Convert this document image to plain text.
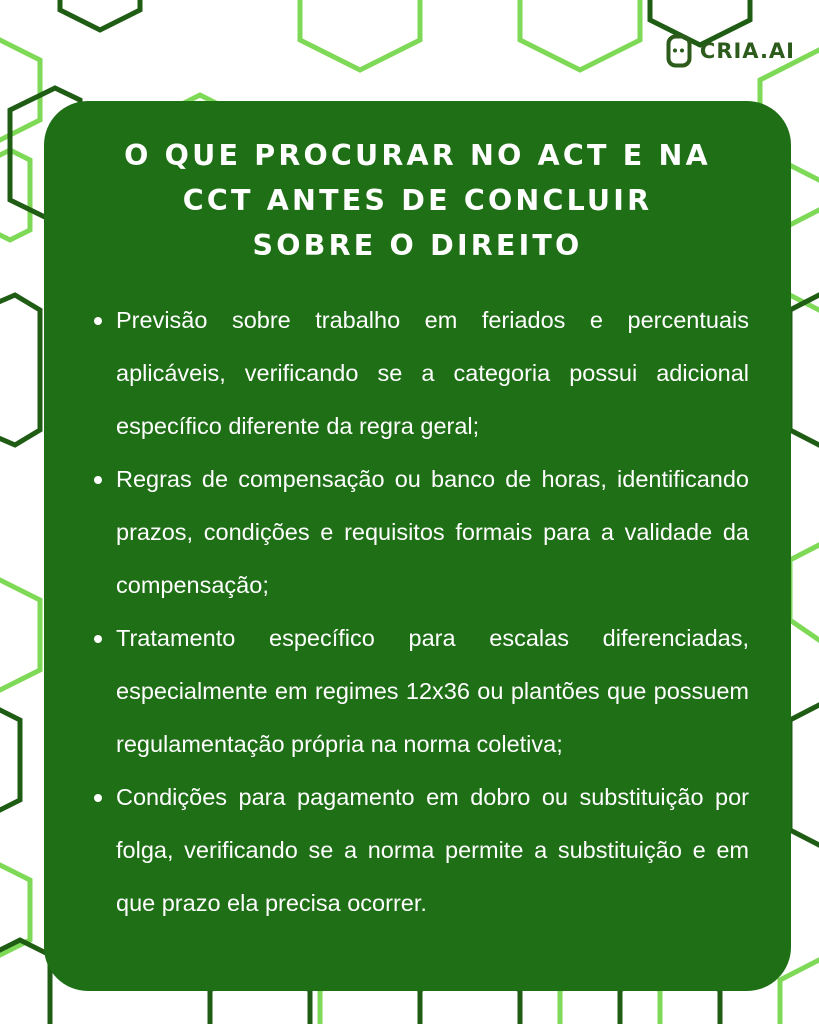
CRIA.AI
O QUE PROCURAR NO ACT E NA
CCT ANTES DE CONCLUIR
SOBRE O DIREITO
Previsão sobre trabalho em feriados e percentuais aplicáveis, verificando se a categoria possui adicional específico diferente da regra geral;
Regras de compensação ou banco de horas, identificando prazos, condições e requisitos formais para a validade da compensação;
Tratamento específico para escalas diferenciadas, especialmente em regimes 12x36 ou plantões que possuem regulamentação própria na norma coletiva;
Condições para pagamento em dobro ou substituição por folga, verificando se a norma permite a substituição e em que prazo ela precisa ocorrer.
